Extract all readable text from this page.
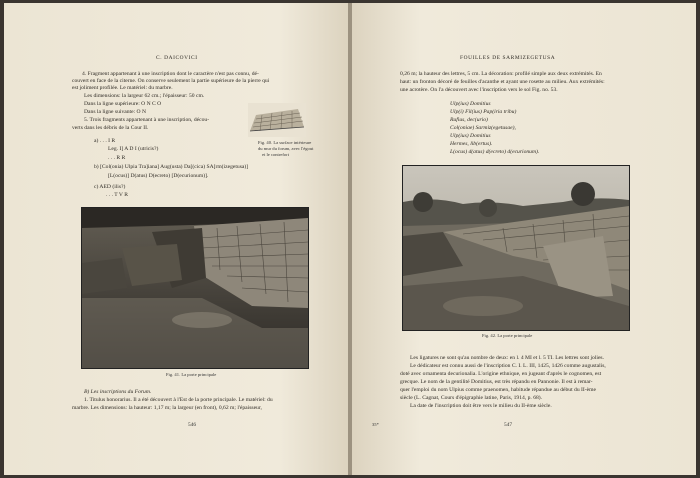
C. DAICOVICI
4. Fragment appartenant à une inscription dont le caractère n'est pas connu, dé-
couvert en face de la citerne. On conserve seulement la partie supérieure de la pierre qui
est joliment profilée. Le matériel: du marbre.
Les dimensions: la largeur 62 cm.; l'épaisseur: 50 cm.
Dans la ligne supérieure: O N C O
Dans la ligne suivante: O N
5. Trois fragments appartenant à une inscription, décou-
verts dans les débris de la Cour II.
Fig. 40. La surface intérieure
du mur du forum, avec l'égout
et le contrefort
a) . . . I R
Leg. I] A D I (utricis?)
. . . R R
b) [Col(onia) Ulpia Tra]iana] Aug(usta) Da[(cica) SA[rm(izegetusa)]
[L(ocus)] D(atus) D(ecreto) [D(ecurionum)].
c) AED (ilis?)
. . . T V R
Fig. 41. La porte principale
B) Les inscriptions du Forum.
1. Titulus honorarius. Il a été découvert à l'Est de la porte principale. Le matériel: du
marbre. Les dimensions: la hauteur: 1,17 m; la largeur (en front), 0,62 m; l'épaisseur,
546
FOUILLES DE SARMIZEGETUSA
0,26 m; la hauteur des lettres, 5 cm. La décoration: profilé simple aux deux extrémités. En
haut: un fronton décoré de feuilles d'acanthe et ayant une rosette au milieu. Aux extrémités:
une acrotère. On l'a découvert avec l'inscription vers le sol Fig. no. 53.
Ulp(ius) Domitius
Ulp(i) Fil(ius) Pap(iria tribu)
Rufius, dec(urio)
Col(oniae) Sarmiz(egetusae),
Ulp(ius) Domitius
Hermes, lib(ertus).
L(ocus) d(atus) d(ecreto) d(ecurionum).
Fig. 42. La porte principale
Les ligatures ne sont qu'au nombre de deux: en l. 4 MI et l. 5 TI. Les lettres sont jolies.
Le dédicateur est connu aussi de l'inscription C. I. L. III, 1425, 1426 comme augustalis,
doté avec ornamenta decurionalia. L'origine ethnique, en jugeant d'après le cognomen, est
grecque. Le nom de la gentilité Domitius, est très répandu en Pannonie. Il est à remar-
quer l'emploi du nom Ulpius comme praenomen, habitude répandue au début du II-ème
siècle (L. Cagnat, Cours d'épigraphie latine, Paris, 1914, p. 68).
La date de l'inscription doit être vers le milieu du II-ème siècle.
35*	547
